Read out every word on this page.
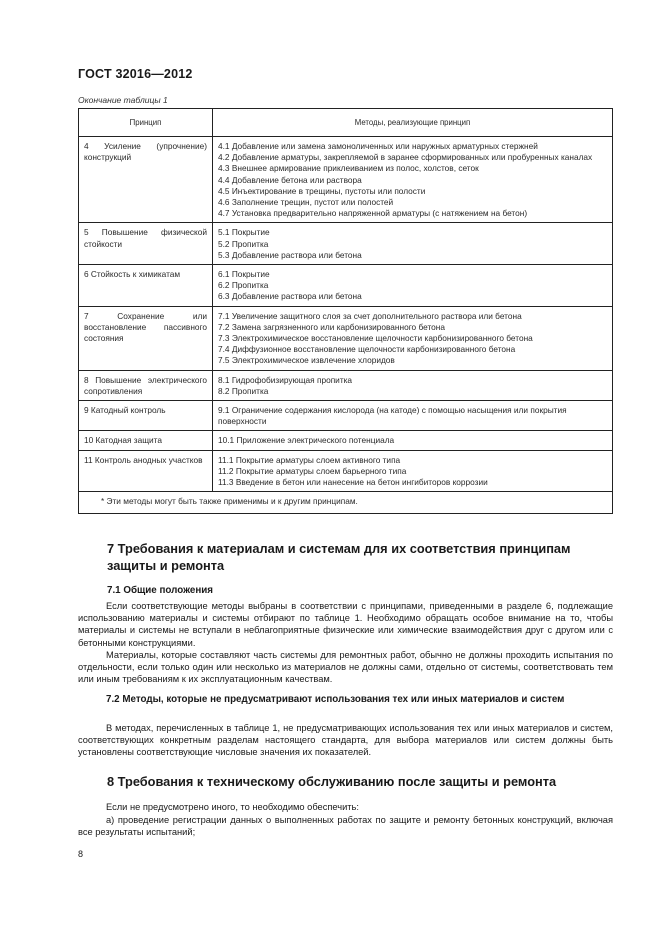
ГОСТ 32016—2012
Окончание таблицы 1
Принцип	Методы, реализующие принцип
4 Усиление (упрочнение) конструкций	
4.1 Добавление или замена замоноличенных или наружных арматурных стержней
4.2 Добавление арматуры, закрепляемой в заранее сформированных или пробуренных каналах
4.3 Внешнее армирование приклеиванием из полос, холстов, сеток
4.4 Добавление бетона или раствора
4.5 Инъектирование в трещины, пустоты или полости
4.6 Заполнение трещин, пустот или полостей
4.7 Установка предварительно напряженной арматуры (с натяжением на бетон)

5 Повышение физической стойкости	5.1 Покрытие
5.2 Пропитка
5.3 Добавление раствора или бетона

6 Стойкость к химикатам	6.1 Покрытие
6.2 Пропитка
6.3 Добавление раствора или бетона

7 Сохранение или восстановление пассивного состояния	7.1 Увеличение защитного слоя за счет дополнительного раствора или бетона
7.2 Замена загрязненного или карбонизированного бетона
7.3 Электрохимическое восстановление щелочности карбонизированного бетона
7.4 Диффузионное восстановление щелочности карбонизированного бетона
7.5 Электрохимическое извлечение хлоридов

8 Повышение электрического сопротивления	8.1 Гидрофобизирующая пропитка
8.2 Пропитка

9 Катодный контроль	9.1 Ограничение содержания кислорода (на катоде) с помощью насыщения или покрытия поверхности

10 Катодная защита	10.1 Приложение электрического потенциала

11 Контроль анодных участков	11.1 Покрытие арматуры слоем активного типа
11.2 Покрытие арматуры слоем барьерного типа
11.3 Введение в бетон или нанесение на бетон ингибиторов коррозии

* Эти методы могут быть также применимы и к другим принципам.	
7 Требования к материалам и системам для их соответствия принципам защиты и ремонта
7.1 Общие положения
Если соответствующие методы выбраны в соответствии с принципами, приведенными в разделе 6, подлежащие использованию материалы и системы отбирают по таблице 1. Необходимо обращать особое внимание на то, чтобы материалы и системы не вступали в неблагоприятные физические или химические взаимодействия друг с другом или с бетонными конструкциями.
Материалы, которые составляют часть системы для ремонтных работ, обычно не должны проходить испытания по отдельности, если только один или несколько из материалов не должны сами, отдельно от системы, соответствовать тем или иным требованиям к их эксплуатационным качествам.
7.2 Методы, которые не предусматривают использования тех или иных материалов и систем
В методах, перечисленных в таблице 1, не предусматривающих использования тех или иных материалов и систем, соответствующих конкретным разделам настоящего стандарта, для выбора материалов или систем должны быть установлены соответствующие числовые значения их показателей.
8 Требования к техническому обслуживанию после защиты и ремонта
Если не предусмотрено иного, то необходимо обеспечить:
а) проведение регистрации данных о выполненных работах по защите и ремонту бетонных конструкций, включая все результаты испытаний;
8
